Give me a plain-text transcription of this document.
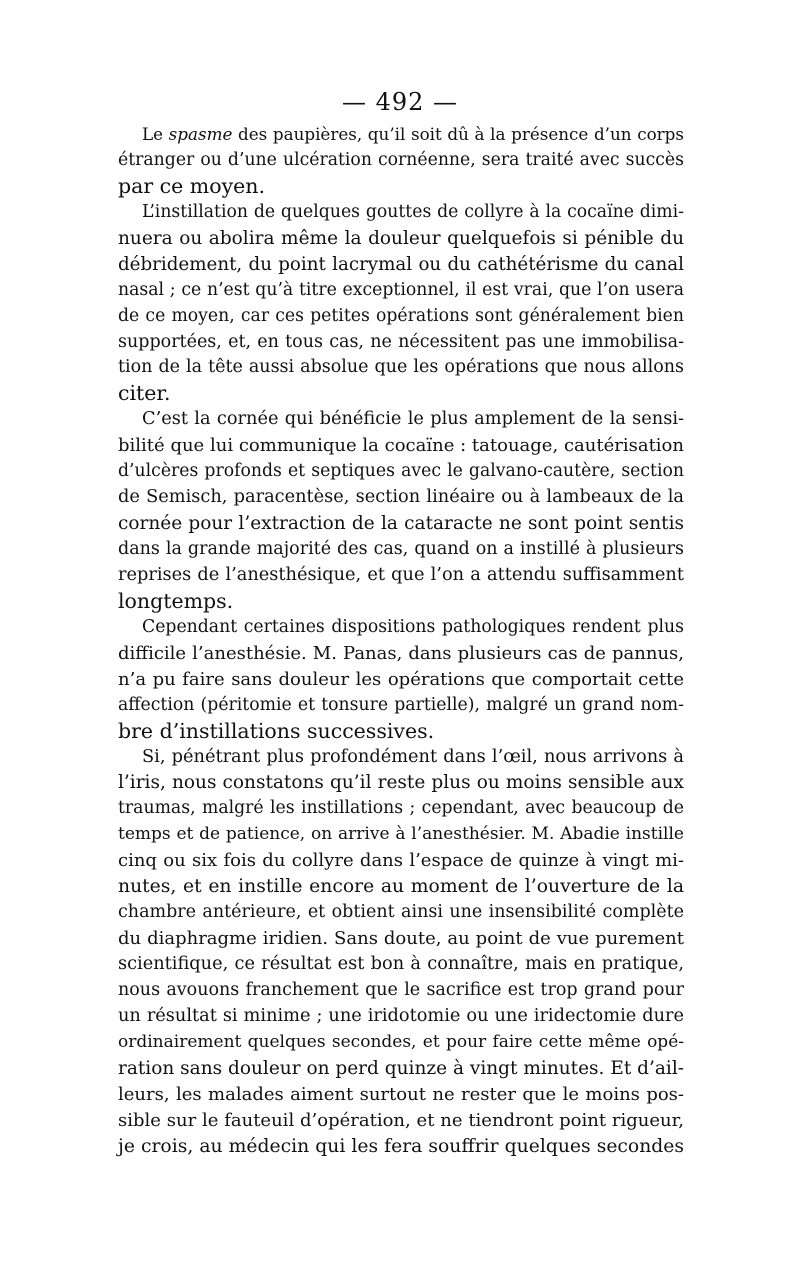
— 492 —
Le spasme des paupières, qu’il soit dû à la présence d’un corps
étranger ou d’une ulcération cornéenne, sera traité avec succès
par ce moyen.
L’instillation de quelques gouttes de collyre à la cocaïne dimi-
nuera ou abolira même la douleur quelquefois si pénible du
débridement, du point lacrymal ou du cathétérisme du canal
nasal ; ce n’est qu’à titre exceptionnel, il est vrai, que l’on usera
de ce moyen, car ces petites opérations sont généralement bien
supportées, et, en tous cas, ne nécessitent pas une immobilisa-
tion de la tête aussi absolue que les opérations que nous allons
citer.
C’est la cornée qui bénéficie le plus amplement de la sensi-
bilité que lui communique la cocaïne : tatouage, cautérisation
d’ulcères profonds et septiques avec le galvano-cautère, section
de Semisch, paracentèse, section linéaire ou à lambeaux de la
cornée pour l’extraction de la cataracte ne sont point sentis
dans la grande majorité des cas, quand on a instillé à plusieurs
reprises de l’anesthésique, et que l’on a attendu suffisamment
longtemps.
Cependant certaines dispositions pathologiques rendent plus
difficile l’anesthésie. M. Panas, dans plusieurs cas de pannus,
n’a pu faire sans douleur les opérations que comportait cette
affection (péritomie et tonsure partielle), malgré un grand nom-
bre d’instillations successives.
Si, pénétrant plus profondément dans l’œil, nous arrivons à
l’iris, nous constatons qu’il reste plus ou moins sensible aux
traumas, malgré les instillations ; cependant, avec beaucoup de
temps et de patience, on arrive à l’anesthésier. M. Abadie instille
cinq ou six fois du collyre dans l’espace de quinze à vingt mi-
nutes, et en instille encore au moment de l’ouverture de la
chambre antérieure, et obtient ainsi une insensibilité complète
du diaphragme iridien. Sans doute, au point de vue purement
scientifique, ce résultat est bon à connaître, mais en pratique,
nous avouons franchement que le sacrifice est trop grand pour
un résultat si minime ; une iridotomie ou une iridectomie dure
ordinairement quelques secondes, et pour faire cette même opé-
ration sans douleur on perd quinze à vingt minutes. Et d’ail-
leurs, les malades aiment surtout ne rester que le moins pos-
sible sur le fauteuil d’opération, et ne tiendront point rigueur,
je crois, au médecin qui les fera souffrir quelques secondes
